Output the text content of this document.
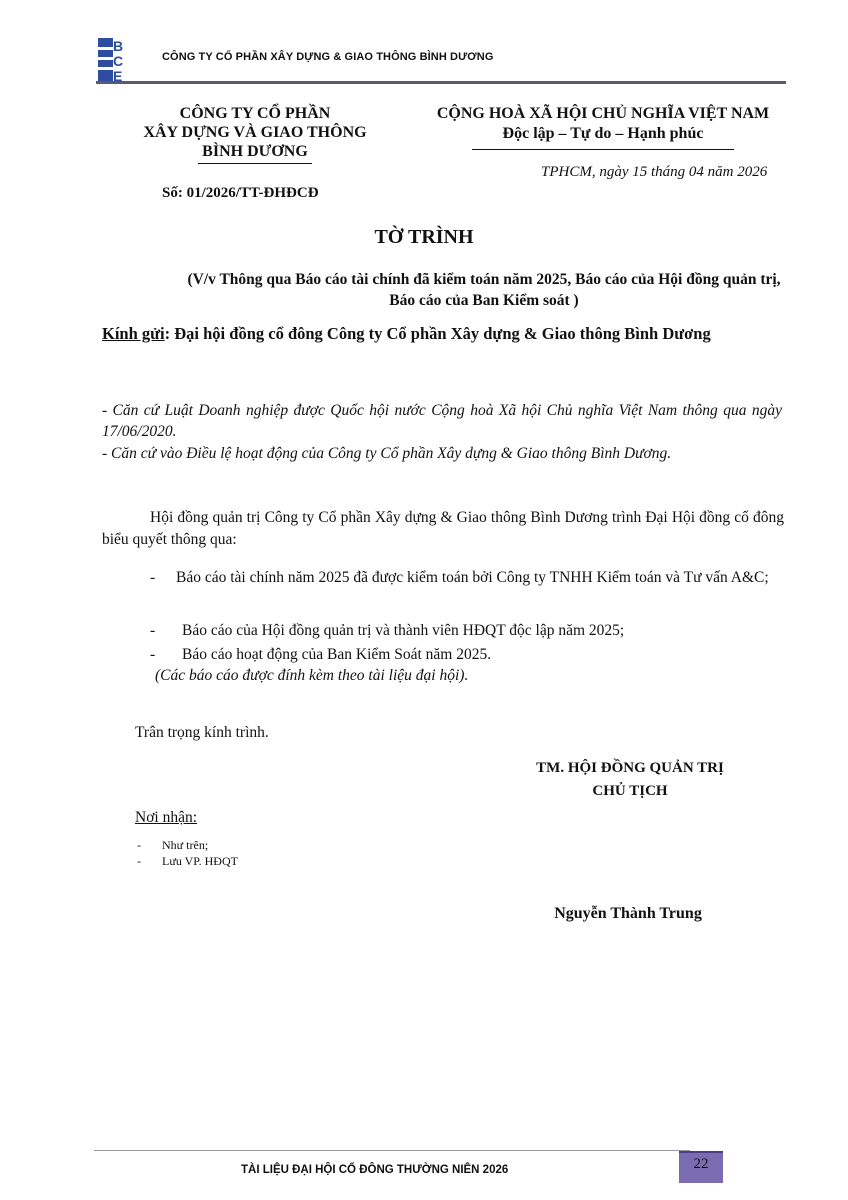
B
C
E
CÔNG TY CỔ PHẦN XÂY DỰNG & GIAO THÔNG BÌNH DƯƠNG
CÔNG TY CỔ PHẦN
XÂY DỰNG VÀ GIAO THÔNG
BÌNH DƯƠNG
Số: 01/2026/TT-ĐHĐCĐ
CỘNG HOÀ XÃ HỘI CHỦ NGHĨA VIỆT NAM
Độc lập – Tự do – Hạnh phúc
TPHCM, ngày 15 tháng 04 năm 2026
TỜ TRÌNH
(V/v Thông qua Báo cáo tài chính đã kiểm toán năm 2025, Báo cáo của Hội đồng quản trị, Báo cáo của Ban Kiểm soát )
Kính gửi: Đại hội đồng cổ đông Công ty Cổ phần Xây dựng & Giao thông Bình Dương
- Căn cứ Luật Doanh nghiệp được Quốc hội nước Cộng hoà Xã hội Chủ nghĩa Việt Nam thông qua ngày 17/06/2020.
- Căn cứ vào Điều lệ hoạt động của Công ty Cổ phần Xây dựng & Giao thông Bình Dương.
Hội đồng quản trị Công ty Cổ phần Xây dựng & Giao thông Bình Dương trình Đại Hội đồng cổ đông biểu quyết thông qua:
- Báo cáo tài chính năm 2025 đã được kiểm toán bởi Công ty TNHH Kiểm toán và Tư vấn A&C;
- Báo cáo của Hội đồng quản trị và thành viên HĐQT độc lập năm 2025;
- Báo cáo hoạt động của Ban Kiểm Soát năm 2025.
(Các báo cáo được đính kèm theo tài liệu đại hội).
Trân trọng kính trình.
TM. HỘI ĐỒNG QUẢN TRỊ
CHỦ TỊCH
Nơi nhận:
- Như trên;
- Lưu VP. HĐQT
Nguyễn Thành Trung
TÀI LIỆU ĐẠI HỘI CỔ ĐÔNG THƯỜNG NIÊN 2026	22
